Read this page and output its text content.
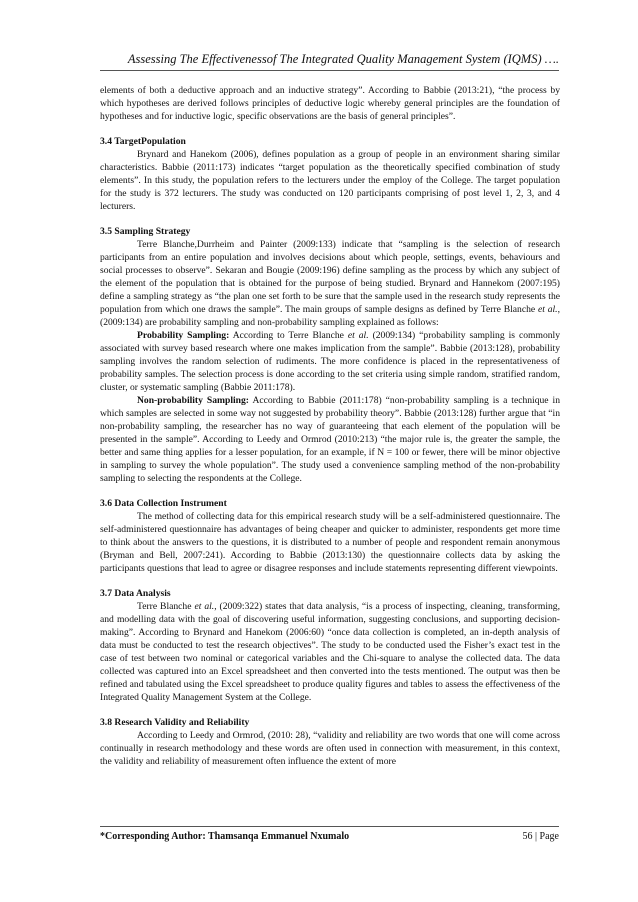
Assessing The Effectivenessof The Integrated Quality Management System (IQMS) ….

elements of both a deductive approach and an inductive strategy”. According to Babbie (2013:21), “the process by which hypotheses are derived follows principles of deductive logic whereby general principles are the foundation of hypotheses and for inductive logic, specific observations are the basis of general principles”.

3.4 TargetPopulation

Brynard and Hanekom (2006), defines population as a group of people in an environment sharing similar characteristics. Babbie (2011:173) indicates “target population as the theoretically specified combination of study elements”. In this study, the population refers to the lecturers under the employ of the College. The target population for the study is 372 lecturers. The study was conducted on 120 participants comprising of post level 1, 2, 3, and 4 lecturers.

3.5 Sampling Strategy

Terre Blanche,Durrheim and Painter (2009:133) indicate that “sampling is the selection of research participants from an entire population and involves decisions about which people, settings, events, behaviours and social processes to observe”. Sekaran and Bougie (2009:196) define sampling as the process by which any subject of the element of the population that is obtained for the purpose of being studied. Brynard and Hannekom (2007:195) define a sampling strategy as “the plan one set forth to be sure that the sample used in the research study represents the population from which one draws the sample”. The main groups of sample designs as defined by Terre Blanche et al., (2009:134) are probability sampling and non-probability sampling explained as follows:

Probability Sampling: According to Terre Blanche et al. (2009:134) “probability sampling is commonly associated with survey based research where one makes implication from the sample”. Babbie (2013:128), probability sampling involves the random selection of rudiments. The more confidence is placed in the representativeness of probability samples. The selection process is done according to the set criteria using simple random, stratified random, cluster, or systematic sampling (Babbie 2011:178).

Non-probability Sampling: According to Babbie (2011:178) “non-probability sampling is a technique in which samples are selected in some way not suggested by probability theory”. Babbie (2013:128) further argue that “in non-probability sampling, the researcher has no way of guaranteeing that each element of the population will be presented in the sample”. According to Leedy and Ormrod (2010:213) “the major rule is, the greater the sample, the better and same thing applies for a lesser population, for an example, if N = 100 or fewer, there will be minor objective in sampling to survey the whole population”. The study used a convenience sampling method of the non-probability sampling to selecting the respondents at the College.

3.6 Data Collection Instrument

The method of collecting data for this empirical research study will be a self-administered questionnaire. The self-administered questionnaire has advantages of being cheaper and quicker to administer, respondents get more time to think about the answers to the questions, it is distributed to a number of people and respondent remain anonymous (Bryman and Bell, 2007:241). According to Babbie (2013:130) the questionnaire collects data by asking the participants questions that lead to agree or disagree responses and include statements representing different viewpoints.

3.7 Data Analysis

Terre Blanche et al., (2009:322) states that data analysis, “is a process of inspecting, cleaning, transforming, and modelling data with the goal of discovering useful information, suggesting conclusions, and supporting decision-making”. According to Brynard and Hanekom (2006:60) “once data collection is completed, an in-depth analysis of data must be conducted to test the research objectives”. The study to be conducted used the Fisher’s exact test in the case of test between two nominal or categorical variables and the Chi-square to analyse the collected data. The data collected was captured into an Excel spreadsheet and then converted into the tests mentioned. The output was then be refined and tabulated using the Excel spreadsheet to produce quality figures and tables to assess the effectiveness of the Integrated Quality Management System at the College.

3.8 Research Validity and Reliability

According to Leedy and Ormrod, (2010: 28), “validity and reliability are two words that one will come across continually in research methodology and these words are often used in connection with measurement, in this context, the validity and reliability of measurement often influence the extent of more

*Corresponding Author: Thamsanqa Emmanuel Nxumalo	56 | Page
